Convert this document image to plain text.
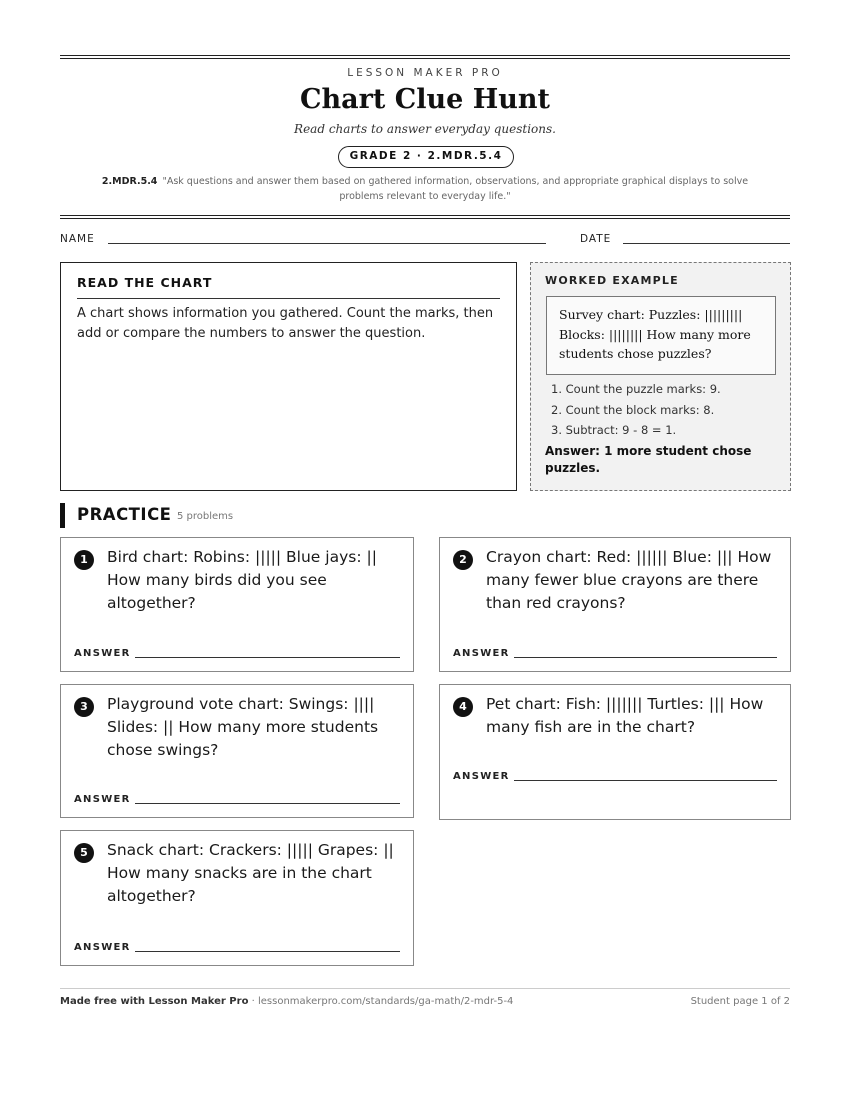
LESSON MAKER PRO
Chart Clue Hunt
Read charts to answer everyday questions.
GRADE 2 · 2.MDR.5.4
2.MDR.5.4 "Ask questions and answer them based on gathered information, observations, and appropriate graphical displays to solve problems relevant to everyday life."
NAME	DATE
READ THE CHART
A chart shows information you gathered. Count the marks, then add or compare the numbers to answer the question.
WORKED EXAMPLE
Survey chart: Puzzles: ||||||||| Blocks: |||||||| How many more students chose puzzles?
1. Count the puzzle marks: 9.
2. Count the block marks: 8.
3. Subtract: 9 - 8 = 1.
Answer: 1 more student chose puzzles.
PRACTICE 5 problems
1	Bird chart: Robins: ||||| Blue jays: || How many birds did you see altogether?
ANSWER
2	Crayon chart: Red: |||||| Blue: ||| How many fewer blue crayons are there than red crayons?
ANSWER
3	Playground vote chart: Swings: |||| Slides: || How many more students chose swings?
ANSWER
4	Pet chart: Fish: ||||||| Turtles: ||| How many fish are in the chart?
ANSWER
5	Snack chart: Crackers: ||||| Grapes: || How many snacks are in the chart altogether?
ANSWER
Made free with Lesson Maker Pro · lessonmakerpro.com/standards/ga-math/2-mdr-5-4	Student page 1 of 2
